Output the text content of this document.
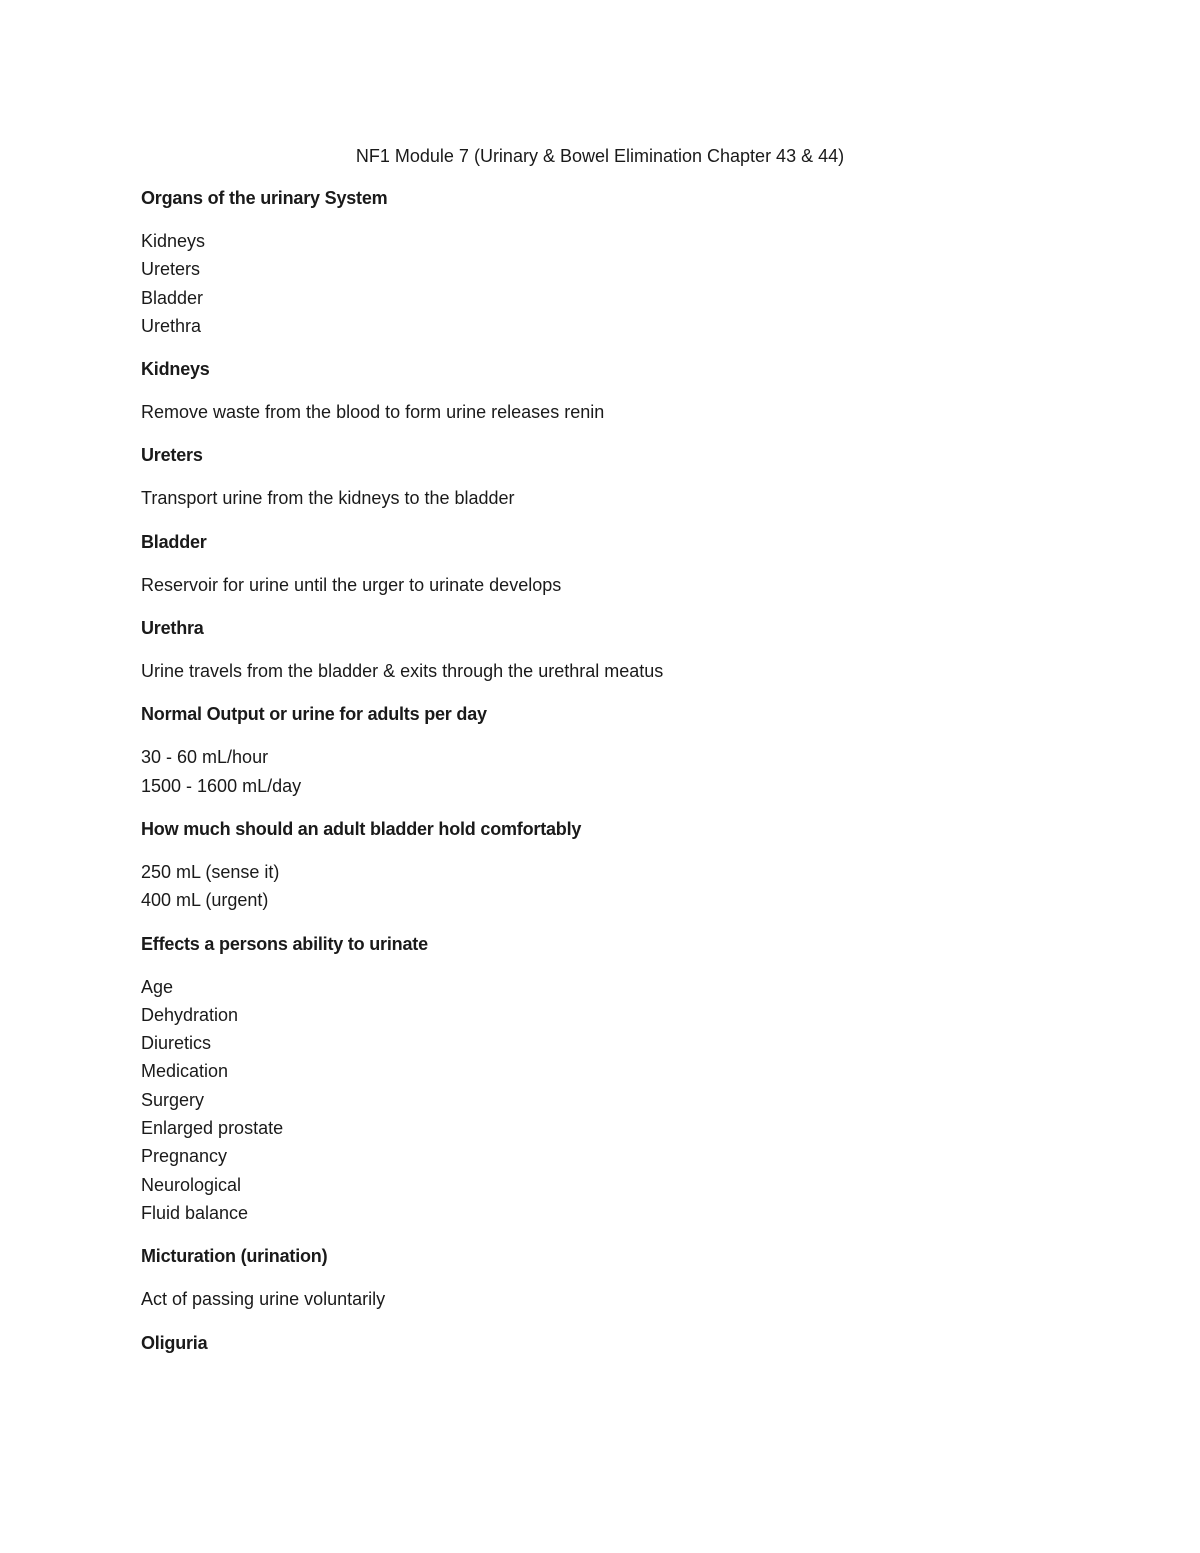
NF1 Module 7 (Urinary & Bowel Elimination Chapter 43 & 44)

Organs of the urinary System

Kidneys

Ureters

Bladder

Urethra

Kidneys

Remove waste from the blood to form urine releases renin

Ureters

Transport urine from the kidneys to the bladder

Bladder

Reservoir for urine until the urger to urinate develops

Urethra

Urine travels from the bladder & exits through the urethral meatus

Normal Output or urine for adults per day

30 - 60 mL/hour

1500 - 1600 mL/day

How much should an adult bladder hold comfortably

250 mL (sense it)

400 mL (urgent)

Effects a persons ability to urinate

Age

Dehydration

Diuretics

Medication

Surgery

Enlarged prostate

Pregnancy

Neurological

Fluid balance

Micturation (urination)

Act of passing urine voluntarily

Oliguria
